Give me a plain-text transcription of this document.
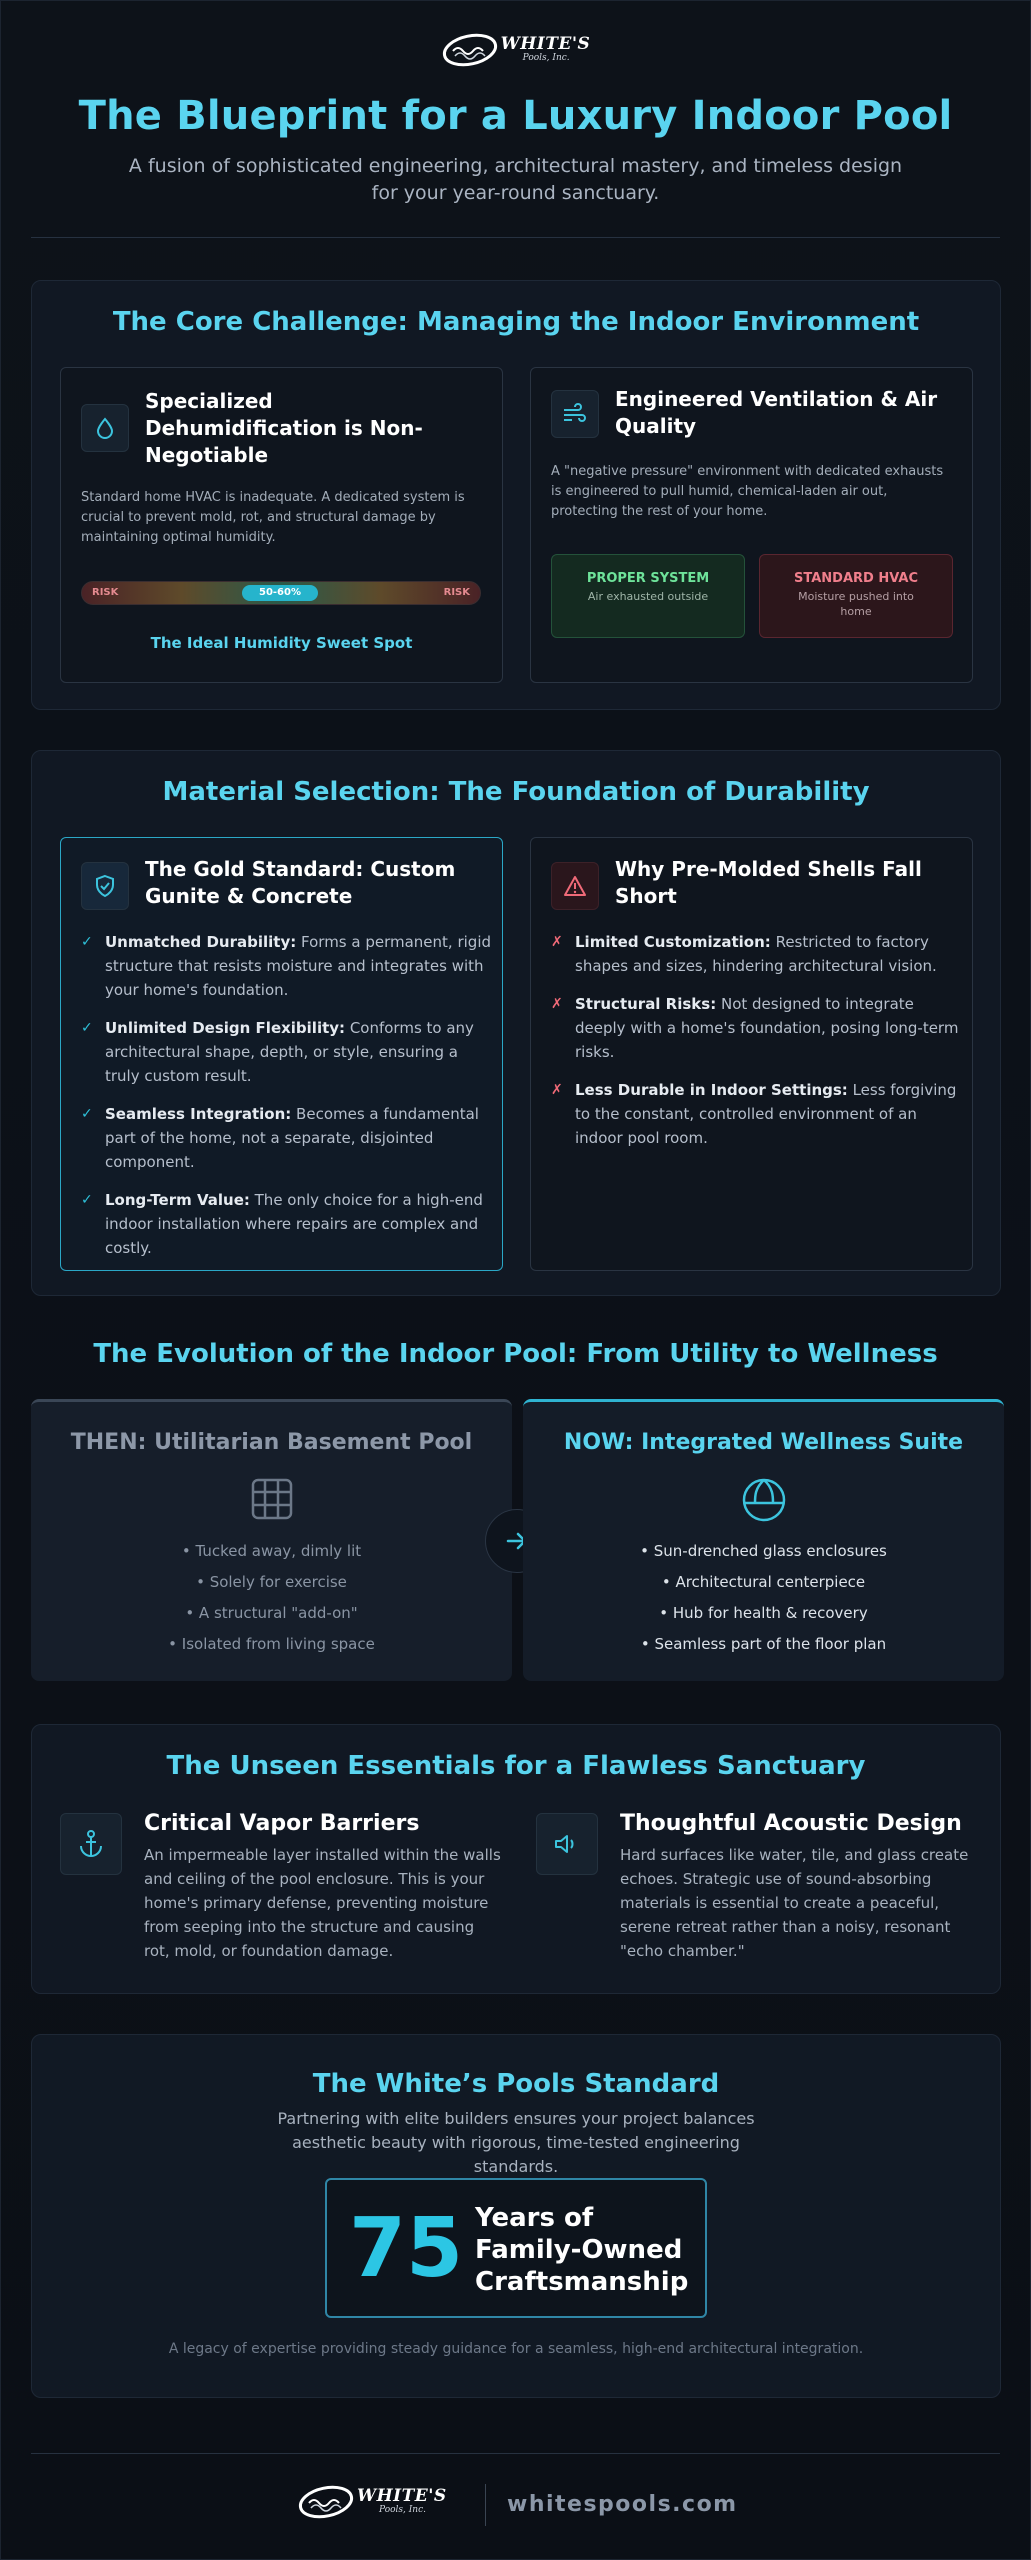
WHITE'S
Pools, Inc.
The Blueprint for a Luxury Indoor Pool

A fusion of sophisticated engineering, architectural mastery, and timeless design for your year-round sanctuary.

The Core Challenge: Managing the Indoor Environment
Specialized Dehumidification is Non-Negotiable
Standard home HVAC is inadequate. A dedicated system is crucial to prevent mold, rot, and structural damage by maintaining optimal humidity.
RISK	50-60%	RISK
The Ideal Humidity Sweet Spot
Engineered Ventilation & Air Quality
A "negative pressure" environment with dedicated exhausts is engineered to pull humid, chemical-laden air out, protecting the rest of your home.
PROPER SYSTEM
Air exhausted outside
STANDARD HVAC
Moisture pushed into home
Material Selection: The Foundation of Durability
The Gold Standard: Custom Gunite & Concrete
✓ Unmatched Durability: Forms a permanent, rigid structure that resists moisture and integrates with your home's foundation.
✓ Unlimited Design Flexibility: Conforms to any architectural shape, depth, or style, ensuring a truly custom result.
✓ Seamless Integration: Becomes a fundamental part of the home, not a separate, disjointed component.
✓ Long-Term Value: The only choice for a high-end indoor installation where repairs are complex and costly.
Why Pre-Molded Shells Fall Short
✗ Limited Customization: Restricted to factory shapes and sizes, hindering architectural vision.
✗ Structural Risks: Not designed to integrate deeply with a home's foundation, posing long-term risks.
✗ Less Durable in Indoor Settings: Less forgiving to the constant, controlled environment of an indoor pool room.
The Evolution of the Indoor Pool: From Utility to Wellness
THEN: Utilitarian Basement Pool
• Tucked away, dimly lit
• Solely for exercise
• A structural "add-on"
• Isolated from living space
NOW: Integrated Wellness Suite
• Sun-drenched glass enclosures
• Architectural centerpiece
• Hub for health & recovery
• Seamless part of the floor plan
The Unseen Essentials for a Flawless Sanctuary
Critical Vapor Barriers
An impermeable layer installed within the walls and ceiling of the pool enclosure. This is your home's primary defense, preventing moisture from seeping into the structure and causing rot, mold, or foundation damage.
Thoughtful Acoustic Design
Hard surfaces like water, tile, and glass create echoes. Strategic use of sound-absorbing materials is essential to create a peaceful, serene retreat rather than a noisy, resonant "echo chamber."
The White’s Pools Standard

Partnering with elite builders ensures your project balances aesthetic beauty with rigorous, time-tested engineering standards.

A legacy of expertise providing steady guidance for a seamless, high-end architectural integration.

75 Years of Family-Owned Craftsmanship
WHITE'S
Pools, Inc.	whitespools.com
